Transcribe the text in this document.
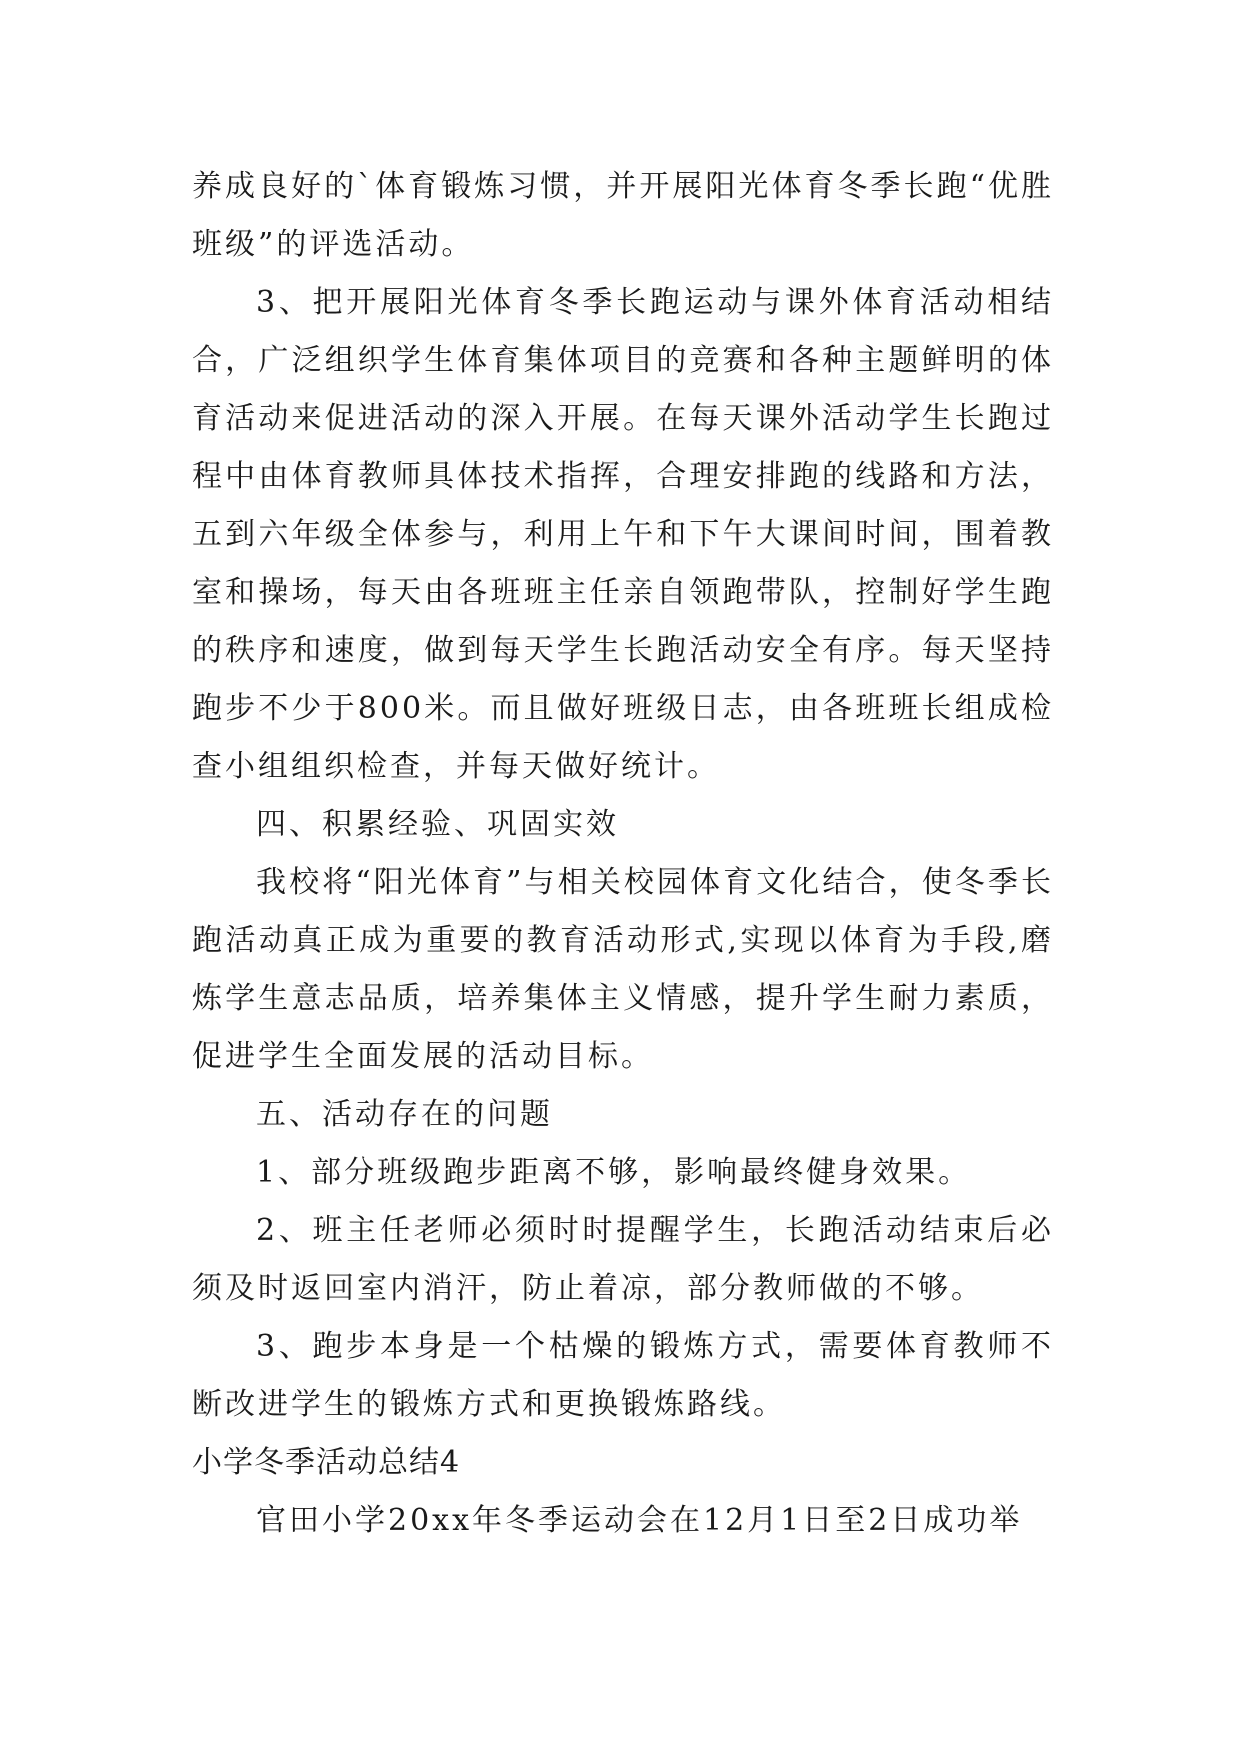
养成良好的`体育锻炼习惯，并开展阳光体育冬季长跑“优胜班级”的评选活动。

3、把开展阳光体育冬季长跑运动与课外体育活动相结合，广泛组织学生体育集体项目的竞赛和各种主题鲜明的体育活动来促进活动的深入开展。在每天课外活动学生长跑过程中由体育教师具体技术指挥，合理安排跑的线路和方法，五到六年级全体参与，利用上午和下午大课间时间，围着教室和操场，每天由各班班主任亲自领跑带队，控制好学生跑的秩序和速度，做到每天学生长跑活动安全有序。每天坚持跑步不少于800米。而且做好班级日志，由各班班长组成检查小组组织检查，并每天做好统计。

四、积累经验、巩固实效

我校将“阳光体育”与相关校园体育文化结合，使冬季长跑活动真正成为重要的教育活动形式,实现以体育为手段,磨炼学生意志品质，培养集体主义情感，提升学生耐力素质，促进学生全面发展的活动目标。

五、活动存在的问题

1、部分班级跑步距离不够，影响最终健身效果。

2、班主任老师必须时时提醒学生，长跑活动结束后必须及时返回室内消汗，防止着凉，部分教师做的不够。

3、跑步本身是一个枯燥的锻炼方式，需要体育教师不断改进学生的锻炼方式和更换锻炼路线。

小学冬季活动总结4

官田小学20xx年冬季运动会在12月1日至2日成功举
